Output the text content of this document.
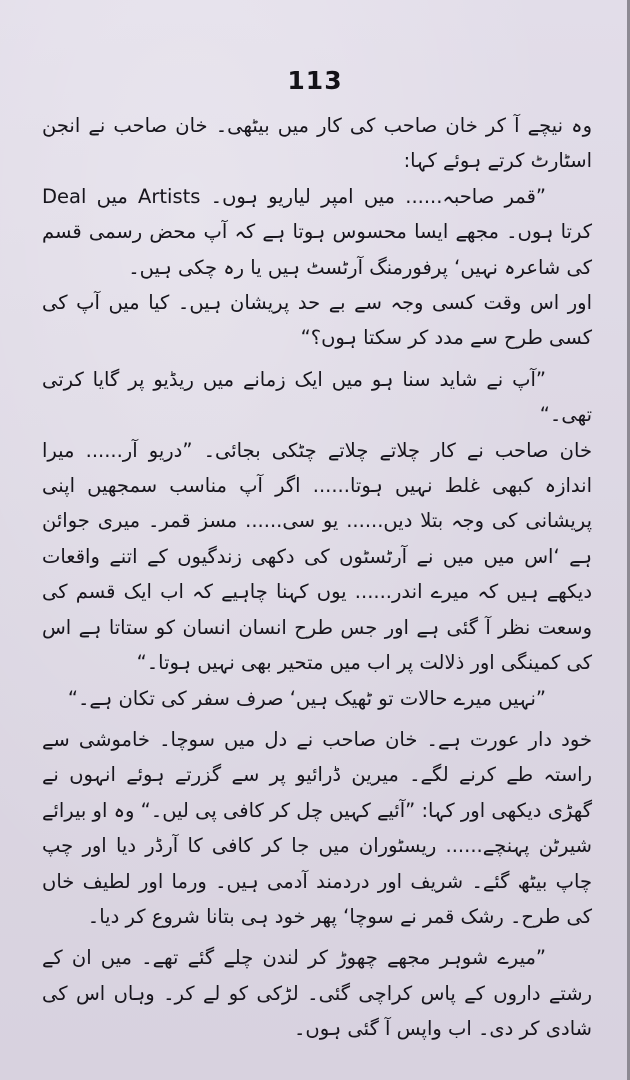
113

وہ نیچے آ کر خان صاحب کی کار میں بیٹھی۔ خان صاحب نے انجن اسٹارٹ کرتے ہوئے کہا:

”قمر صاحبہ...... میں امپر لیاریو ہوں۔ Artists میں Deal کرتا ہوں۔ مجھے ایسا محسوس ہوتا ہے کہ آپ محض رسمی قسم کی شاعرہ نہیں‘ پرفورمنگ آرٹسٹ ہیں یا رہ چکی ہیں۔

اور اس وقت کسی وجہ سے بے حد پریشان ہیں۔ کیا میں آپ کی کسی طرح سے مدد کر سکتا ہوں؟“

”آپ نے شاید سنا ہو میں ایک زمانے میں ریڈیو پر گایا کرتی تھی۔“

خان صاحب نے کار چلاتے چلاتے چٹکی بجائی۔ ”دریو آر...... میرا اندازہ کبھی غلط نہیں ہوتا...... اگر آپ مناسب سمجھیں اپنی پریشانی کی وجہ بتلا دیں...... یو سی...... مسز قمر۔ میری جوائن ہے ‘اس میں میں نے آرٹسٹوں کی دکھی زندگیوں کے اتنے واقعات دیکھے ہیں کہ میرے اندر...... یوں کہنا چاہیے کہ اب ایک قسم کی وسعت نظر آ گئی ہے اور جس طرح انسان انسان کو ستاتا ہے اس کی کمینگی اور ذلالت پر اب میں متحیر بھی نہیں ہوتا۔“

”نہیں میرے حالات تو ٹھیک ہیں‘ صرف سفر کی تکان ہے۔“

خود دار عورت ہے۔ خان صاحب نے دل میں سوچا۔ خاموشی سے راستہ طے کرنے لگے۔ میرین ڈرائیو پر سے گزرتے ہوئے انہوں نے گھڑی دیکھی اور کہا: ”آئیے کہیں چل کر کافی پی لیں۔“ وہ او بیرائے شیرٹن پہنچے...... ریسٹوران میں جا کر کافی کا آرڈر دیا اور چپ چاپ بیٹھ گئے۔ شریف اور دردمند آدمی ہیں۔ ورما اور لطیف خاں کی طرح۔ رشک قمر نے سوچا‘ پھر خود ہی بتانا شروع کر دیا۔

”میرے شوہر مجھے چھوڑ کر لندن چلے گئے تھے۔ میں ان کے رشتے داروں کے پاس کراچی گئی۔ لڑکی کو لے کر۔ وہاں اس کی شادی کر دی۔ اب واپس آ گئی ہوں۔
